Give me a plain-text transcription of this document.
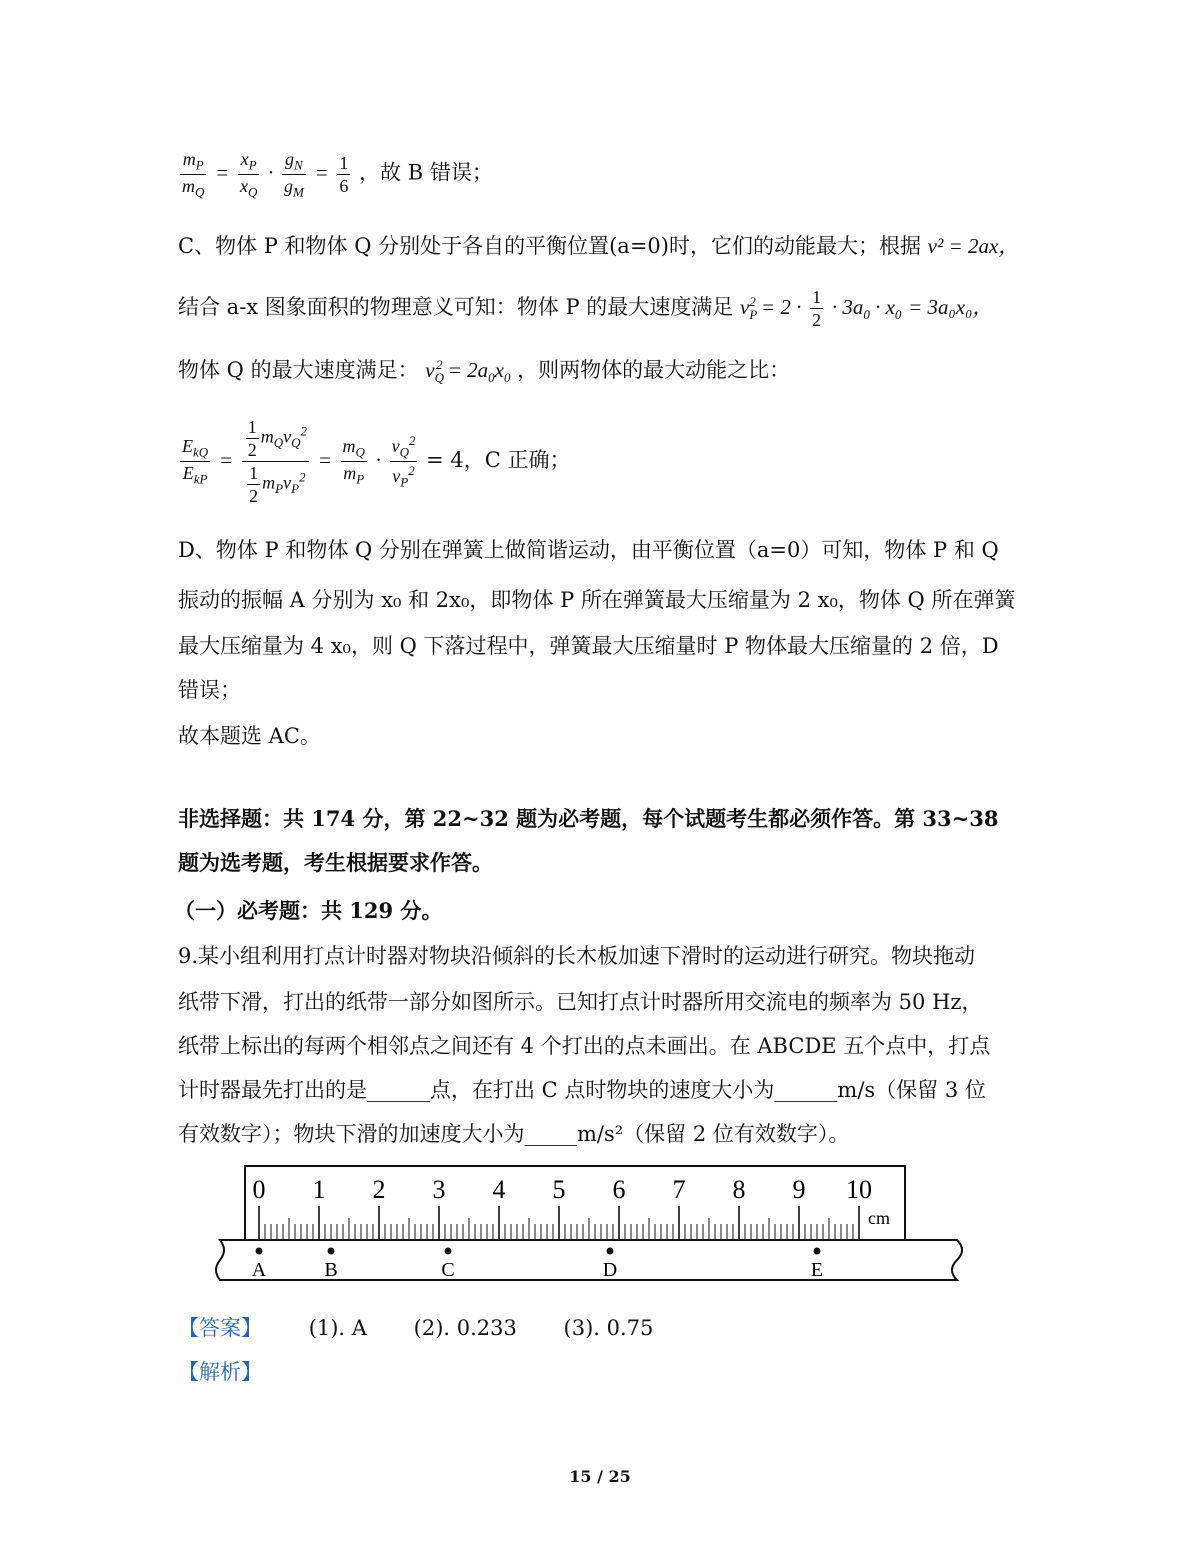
$\frac{m_P}{m_Q} = \frac{x_P}{x_Q} \cdot \frac{g_N}{g_M} = \frac{1}{6}$ ，故 B 错误；
C、物体 P 和物体 Q 分别处于各自的平衡位置(a=0)时，它们的动能最大；根据 v² = 2ax，
结合 a-x 图象面积的物理意义可知：物体 P 的最大速度满足 $v_P^2 = 2 \cdot \frac{1}{2} \cdot 3a_0 \cdot x_0 = 3a_0x_0$，
物体 Q 的最大速度满足： $v_Q^2 = 2a_0x_0$ ，则两物体的最大动能之比：
$\frac{E_{kQ}}{E_{kP}} = \frac{\frac{1}{2} m_Qv_Q^2}{\frac{1}{2} m_Pv_P^2} = \frac{m_Q}{m_P} \cdot \frac{v_Q^2}{v_P^2} = 4$，C 正确；
D、物体 P 和物体 Q 分别在弹簧上做简谐运动，由平衡位置（a=0）可知，物体 P 和 Q
振动的振幅 A 分别为 x₀ 和 2x₀，即物体 P 所在弹簧最大压缩量为 2 x₀，物体 Q 所在弹簧
最大压缩量为 4 x₀，则 Q 下落过程中，弹簧最大压缩量时 P 物体最大压缩量的 2 倍，D
错误；
故本题选 AC。
非选择题：共 174 分，第 22~32 题为必考题，每个试题考生都必须作答。第 33~38
题为选考题，考生根据要求作答。
（一）必考题：共 129 分。
9.某小组利用打点计时器对物块沿倾斜的长木板加速下滑时的运动进行研究。物块拖动
纸带下滑，打出的纸带一部分如图所示。已知打点计时器所用交流电的频率为 50 Hz，
纸带上标出的每两个相邻点之间还有 4 个打出的点未画出。在 ABCDE 五个点中，打点
计时器最先打出的是______点，在打出 C 点时物块的速度大小为______m/s（保留 3 位
有效数字）；物块下滑的加速度大小为_____m/s²（保留 2 位有效数字）。
0 1 2 3 4 5 6 7 8 9 10
cm
A	B	C	D	E
【答案】 (1). A (2). 0.233 (3). 0.75
【解析】
15 / 25
